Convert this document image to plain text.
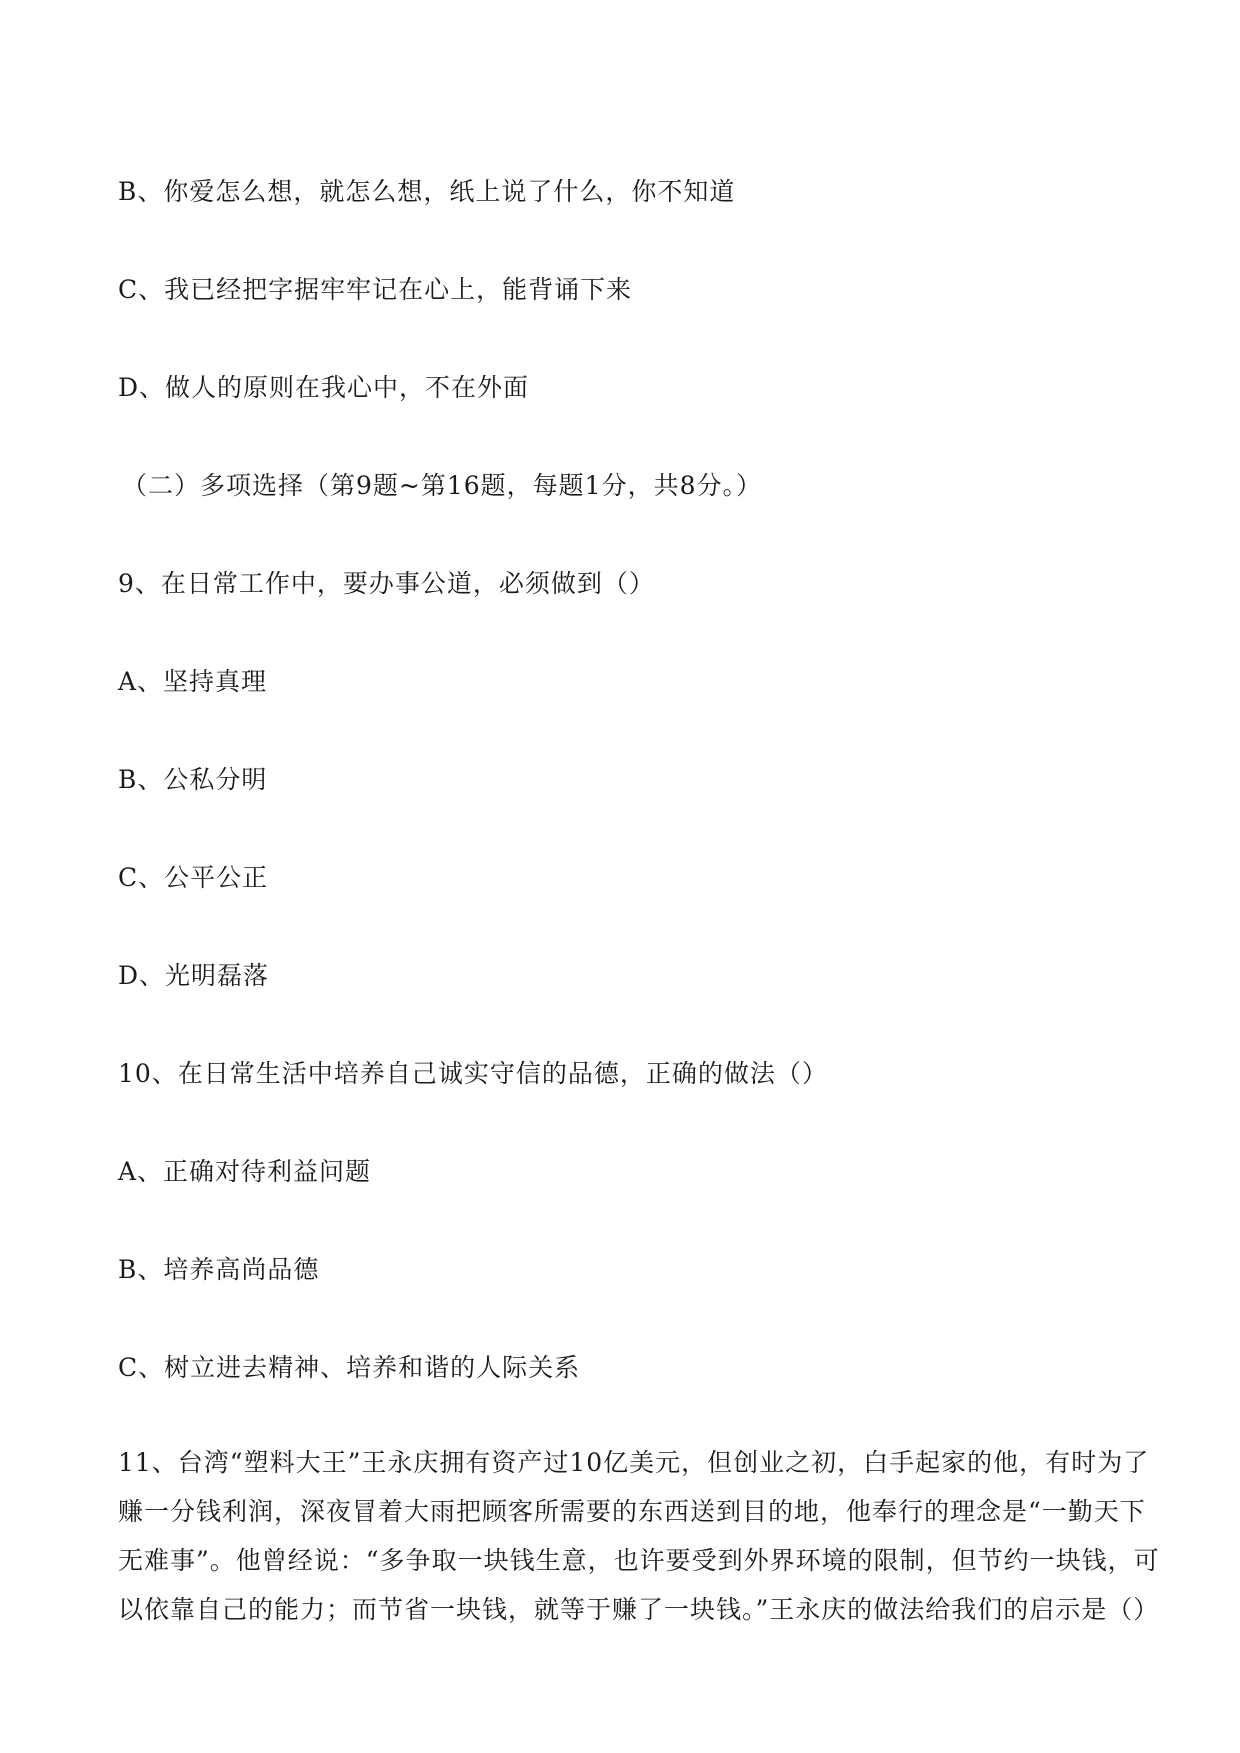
B、你爱怎么想，就怎么想，纸上说了什么，你不知道
C、我已经把字据牢牢记在心上，能背诵下来
D、做人的原则在我心中，不在外面
（二）多项选择（第9题~第16题，每题1分，共8分。）
9、在日常工作中，要办事公道，必须做到（）
A、坚持真理
B、公私分明
C、公平公正
D、光明磊落
10、在日常生活中培养自己诚实守信的品德，正确的做法（）
A、正确对待利益问题
B、培养高尚品德
C、树立进去精神、培养和谐的人际关系
11、台湾“塑料大王”王永庆拥有资产过10亿美元，但创业之初，白手起家的他，有时为了
赚一分钱利润，深夜冒着大雨把顾客所需要的东西送到目的地，他奉行的理念是“一勤天下
无难事”。他曾经说：“多争取一块钱生意，也许要受到外界环境的限制，但节约一块钱，可
以依靠自己的能力；而节省一块钱，就等于赚了一块钱。”王永庆的做法给我们的启示是（）
